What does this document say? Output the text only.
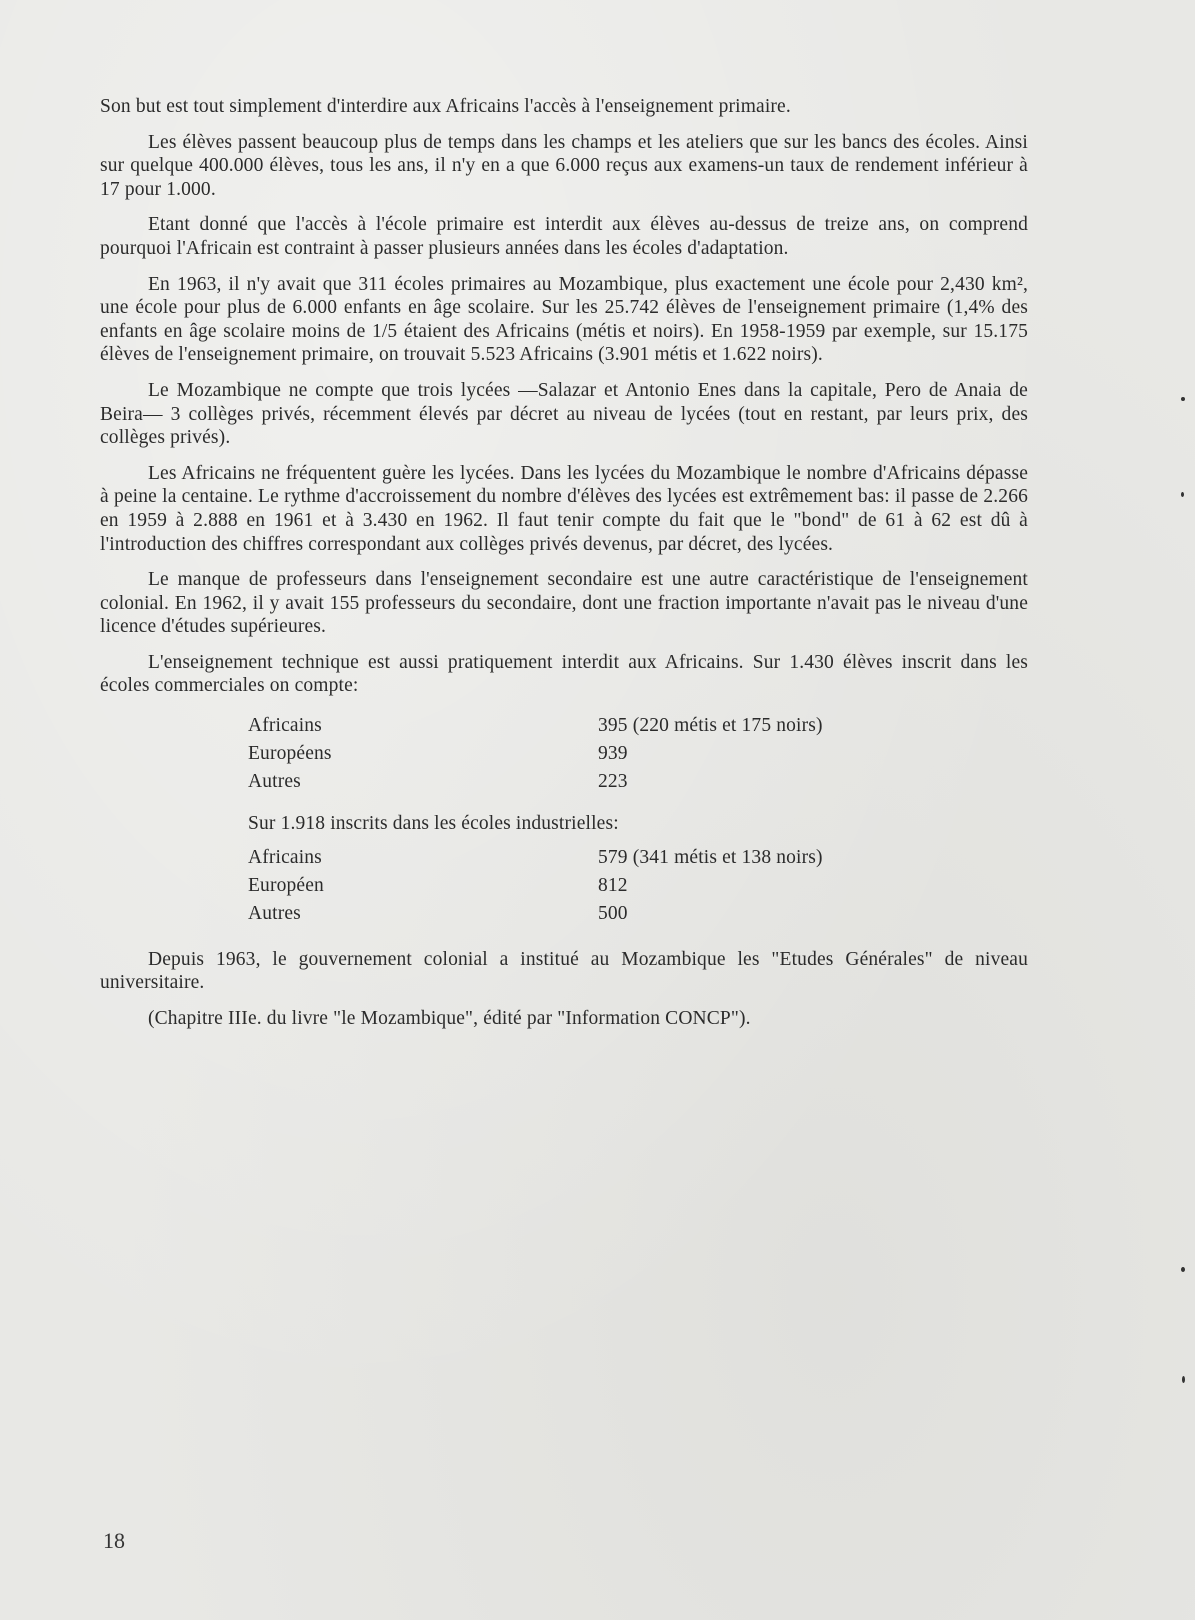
Son but est tout simplement d'interdire aux Africains l'accès à l'enseignement primaire.

Les élèves passent beaucoup plus de temps dans les champs et les ateliers que sur les bancs des écoles. Ainsi sur quelque 400.000 élèves, tous les ans, il n'y en a que 6.000 reçus aux examens-un taux de rendement inférieur à 17 pour 1.000.

Etant donné que l'accès à l'école primaire est interdit aux élèves au-dessus de treize ans, on comprend pourquoi l'Africain est contraint à passer plusieurs années dans les écoles d'adaptation.

En 1963, il n'y avait que 311 écoles primaires au Mozambique, plus exactement une école pour 2,430 km², une école pour plus de 6.000 enfants en âge scolaire. Sur les 25.742 élèves de l'enseignement primaire (1,4% des enfants en âge scolaire moins de 1/5 étaient des Africains (métis et noirs). En 1958-1959 par exemple, sur 15.175 élèves de l'enseignement primaire, on trouvait 5.523 Africains (3.901 métis et 1.622 noirs).

Le Mozambique ne compte que trois lycées —Salazar et Antonio Enes dans la capitale, Pero de Anaia de Beira— 3 collèges privés, récemment élevés par décret au niveau de lycées (tout en restant, par leurs prix, des collèges privés).

Les Africains ne fréquentent guère les lycées. Dans les lycées du Mozambique le nombre d'Africains dépasse à peine la centaine. Le rythme d'accroissement du nombre d'élèves des lycées est extrêmement bas: il passe de 2.266 en 1959 à 2.888 en 1961 et à 3.430 en 1962. Il faut tenir compte du fait que le "bond" de 61 à 62 est dû à l'introduction des chiffres correspondant aux collèges privés devenus, par décret, des lycées.

Le manque de professeurs dans l'enseignement secondaire est une autre caractéristique de l'enseignement colonial. En 1962, il y avait 155 professeurs du secondaire, dont une fraction importante n'avait pas le niveau d'une licence d'études supérieures.

L'enseignement technique est aussi pratiquement interdit aux Africains. Sur 1.430 élèves inscrit dans les écoles commerciales on compte:

Africains	395 (220 métis et 175 noirs)
Européens	939
Autres	223

Sur 1.918 inscrits dans les écoles industrielles:

Africains	579 (341 métis et 138 noirs)
Européen	812
Autres	500

Depuis 1963, le gouvernement colonial a institué au Mozambique les "Etudes Générales" de niveau universitaire.

(Chapitre IIIe. du livre "le Mozambique", édité par "Information CONCP").

18
